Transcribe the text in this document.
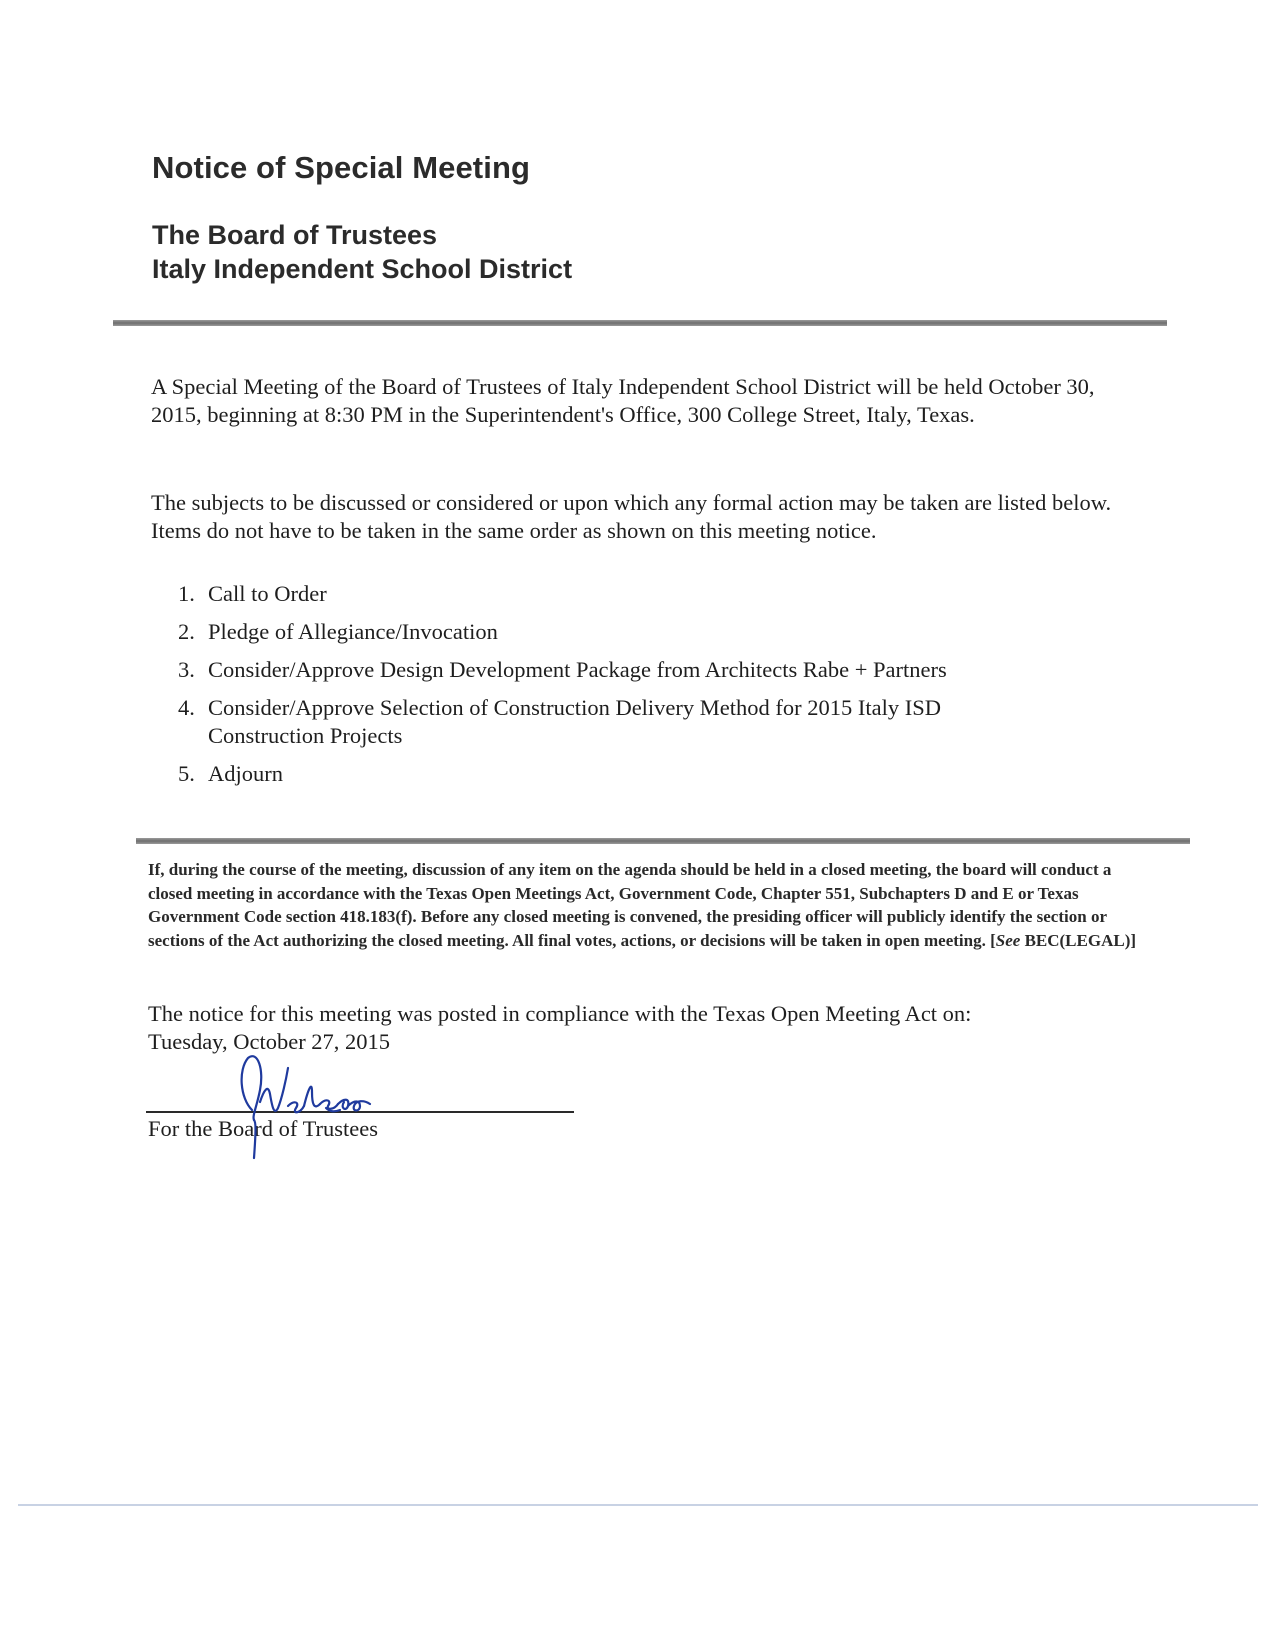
Notice of Special Meeting
The Board of Trustees
Italy Independent School District

A Special Meeting of the Board of Trustees of Italy Independent School District will be held October 30, 2015, beginning at 8:30 PM in the Superintendent's Office, 300 College Street, Italy, Texas.

The subjects to be discussed or considered or upon which any formal action may be taken are listed below. Items do not have to be taken in the same order as shown on this meeting notice.

1. Call to Order
2. Pledge of Allegiance/Invocation
3. Consider/Approve Design Development Package from Architects Rabe + Partners
4. Consider/Approve Selection of Construction Delivery Method for 2015 Italy ISD Construction Projects
5. Adjourn

If, during the course of the meeting, discussion of any item on the agenda should be held in a closed meeting, the board will conduct a closed meeting in accordance with the Texas Open Meetings Act, Government Code, Chapter 551, Subchapters D and E or Texas Government Code section 418.183(f). Before any closed meeting is convened, the presiding officer will publicly identify the section or sections of the Act authorizing the closed meeting. All final votes, actions, or decisions will be taken in open meeting. [See BEC(LEGAL)]

The notice for this meeting was posted in compliance with the Texas Open Meeting Act on:
Tuesday, October 27, 2015

For the Board of Trustees
